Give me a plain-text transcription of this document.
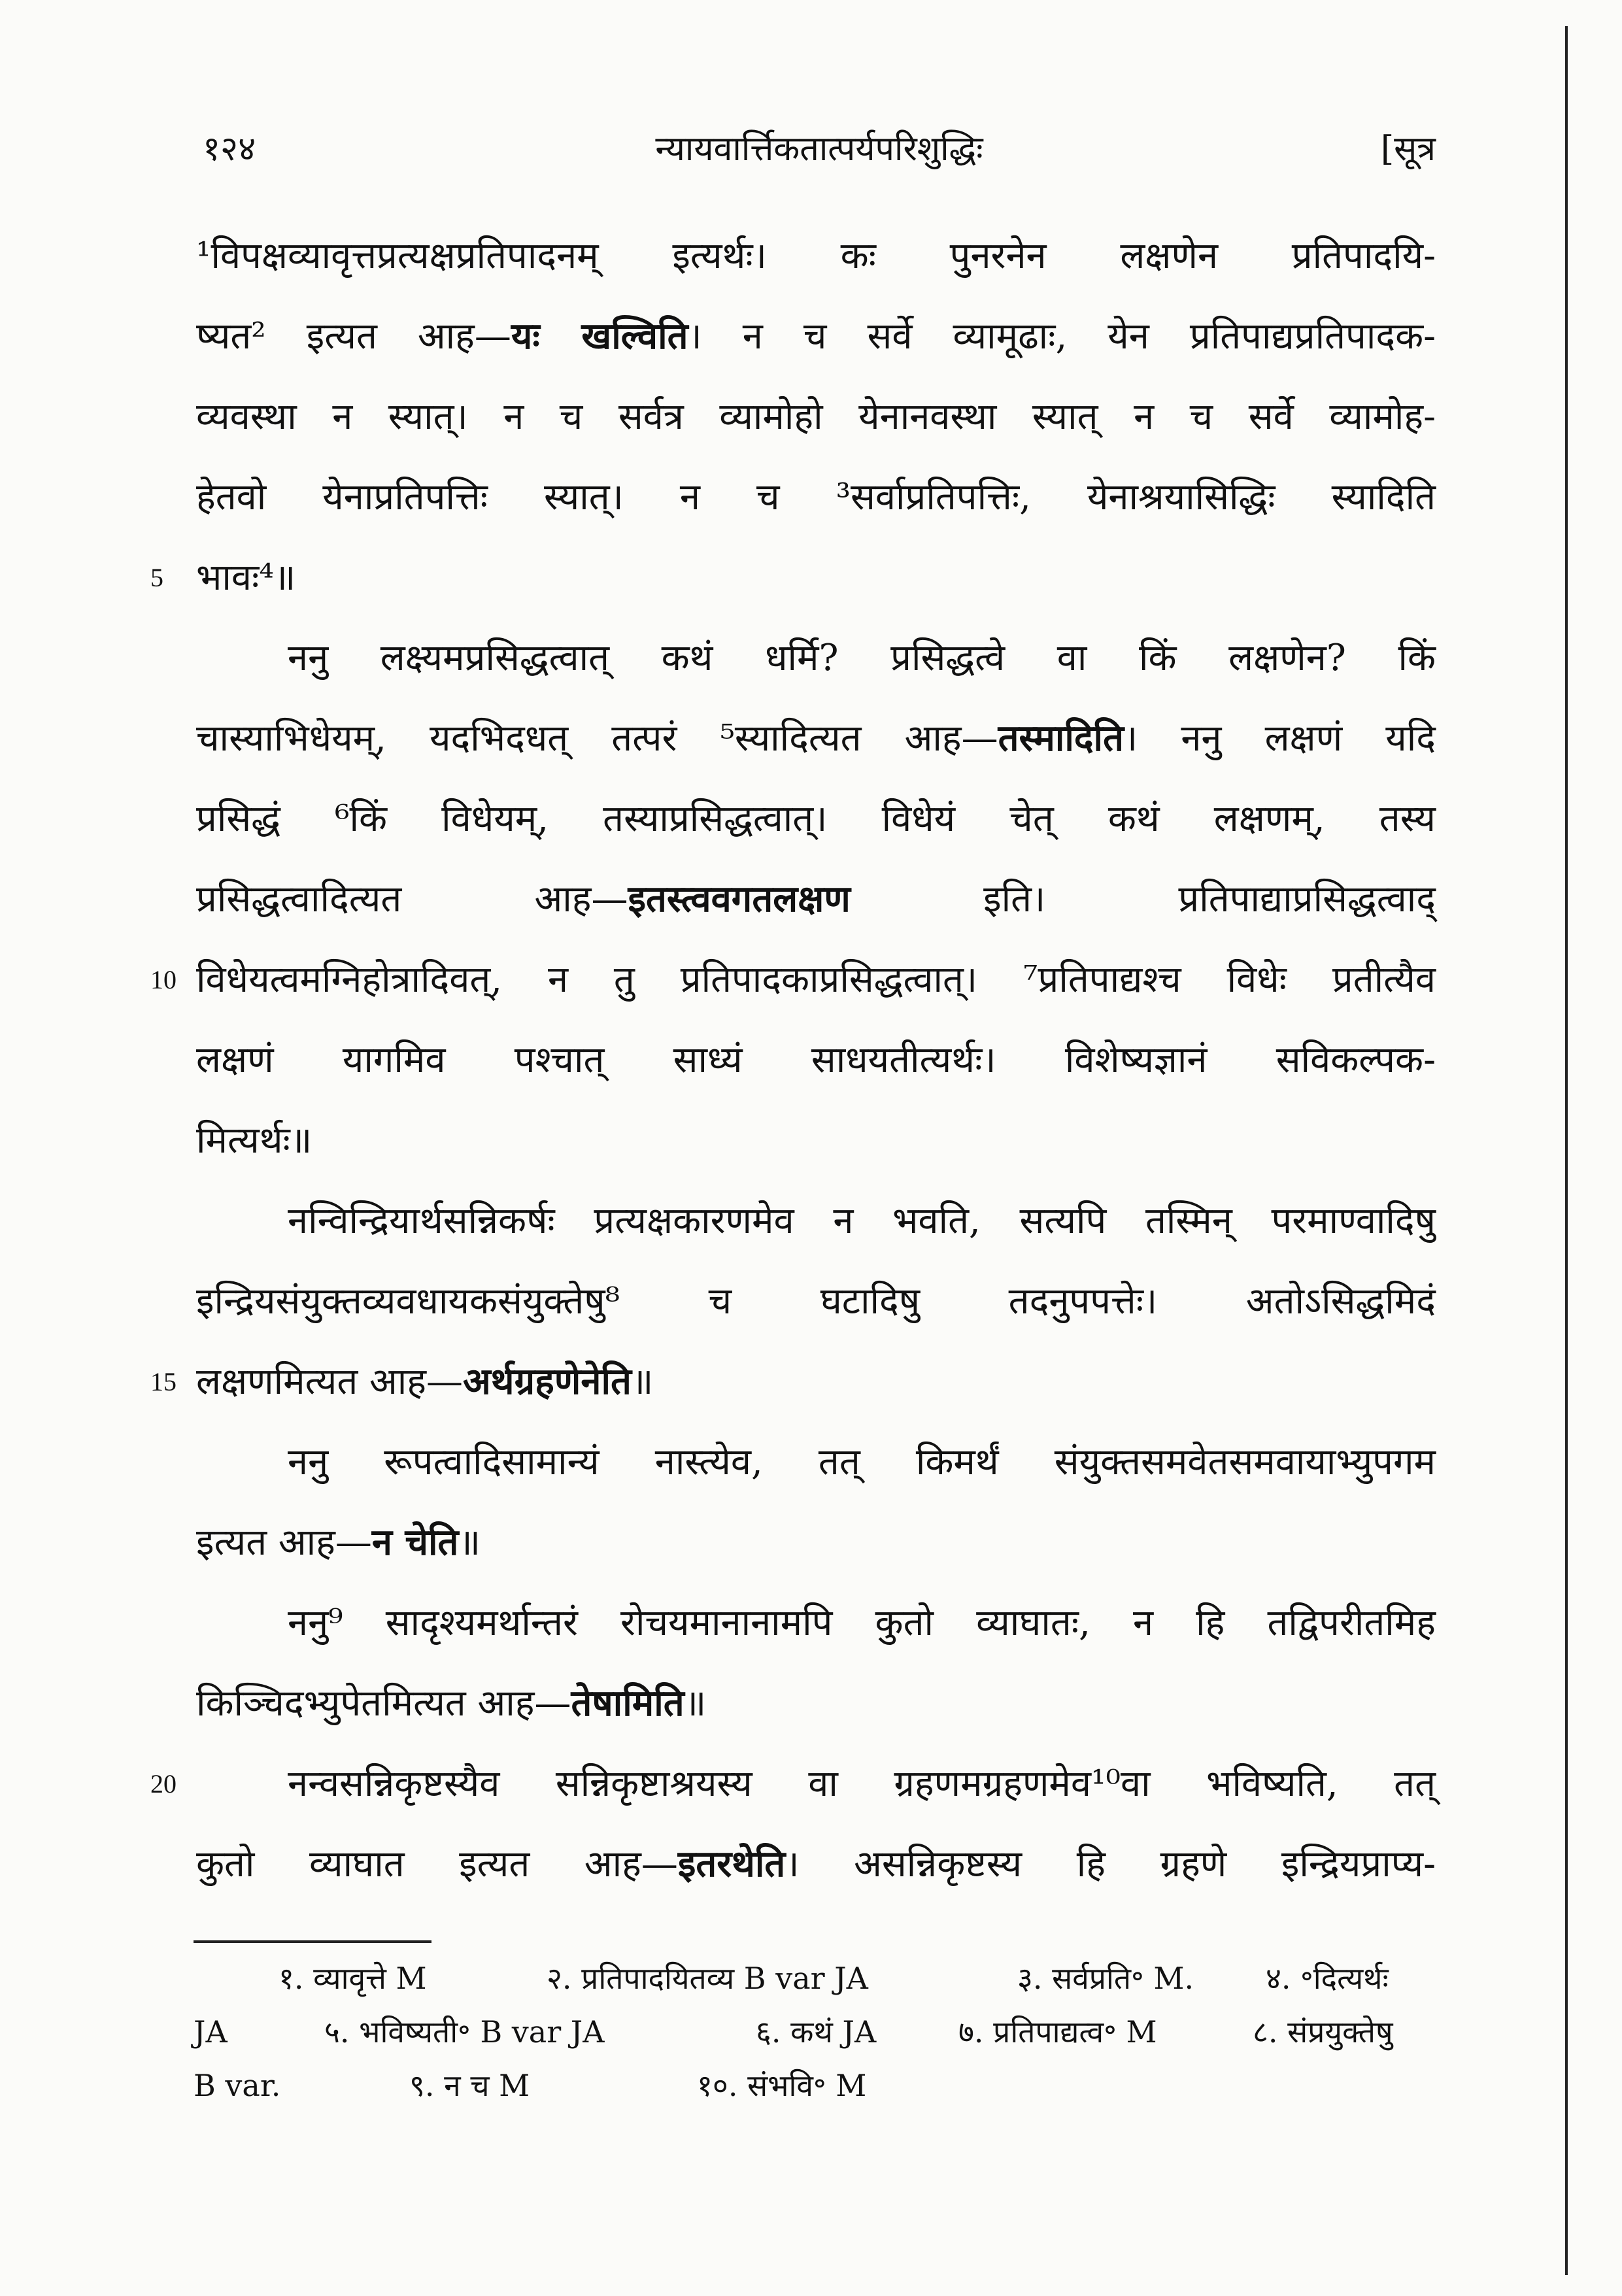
१२४	न्यायवार्त्तिकतात्पर्यपरिशुद्धिः	[सूत्र
¹विपक्षव्यावृत्तप्रत्यक्षप्रतिपादनम् इत्यर्थः। कः पुनरनेन लक्षणेन प्रतिपादयि-
ष्यत² इत्यत आह—यः खल्विति। न च सर्वे व्यामूढाः, येन प्रतिपाद्यप्रतिपादक-
व्यवस्था न स्यात्। न च सर्वत्र व्यामोहो येनानवस्था स्यात् न च सर्वे व्यामोह-
हेतवो येनाप्रतिपत्तिः स्यात्। न च ³सर्वाप्रतिपत्तिः, येनाश्रयासिद्धिः स्यादिति
5 भावः⁴॥
ननु लक्ष्यमप्रसिद्धत्वात् कथं धर्मि? प्रसिद्धत्वे वा किं लक्षणेन? किं
चास्याभिधेयम्, यदभिदधत् तत्परं ⁵स्यादित्यत आह—तस्मादिति। ननु लक्षणं यदि
प्रसिद्धं ⁶किं विधेयम्, तस्याप्रसिद्धत्वात्। विधेयं चेत् कथं लक्षणम्, तस्य
प्रसिद्धत्वादित्यत आह—इतस्त्ववगतलक्षण इति। प्रतिपाद्याप्रसिद्धत्वाद्
10 विधेयत्वमग्निहोत्रादिवत्, न तु प्रतिपादकाप्रसिद्धत्वात्। ⁷प्रतिपाद्यश्च विधेः प्रतीत्यैव
लक्षणं यागमिव पश्चात् साध्यं साधयतीत्यर्थः। विशेष्यज्ञानं सविकल्पक-
मित्यर्थः॥
नन्विन्द्रियार्थसन्निकर्षः प्रत्यक्षकारणमेव न भवति, सत्यपि तस्मिन् परमाण्वादिषु
इन्द्रियसंयुक्तव्यवधायकसंयुक्तेषु⁸ च घटादिषु तदनुपपत्तेः। अतोऽसिद्धमिदं
15 लक्षणमित्यत आह—अर्थग्रहणेनेति॥
ननु रूपत्वादिसामान्यं नास्त्येव, तत् किमर्थं संयुक्तसमवेतसमवायाभ्युपगम
इत्यत आह—न चेति॥
ननु⁹ सादृश्यमर्थान्तरं रोचयमानानामपि कुतो व्याघातः, न हि तद्विपरीतमिह
किञ्चिदभ्युपेतमित्यत आह—तेषामिति॥
20	नन्वसन्निकृष्टस्यैव सन्निकृष्टाश्रयस्य वा ग्रहणमग्रहणमेव¹⁰वा भविष्यति, तत्
कुतो व्याघात इत्यत आह—इतरथेति। असन्निकृष्टस्य हि ग्रहणे इन्द्रियप्राप्य-
१. व्यावृत्ते M	२. प्रतिपादयितव्य B var JA	३. सर्वप्रति॰ M. ४. ॰दित्यर्थः
JA	५. भविष्यती॰ B var JA	६. कथं JA	७. प्रतिपाद्यत्व॰ M	८. संप्रयुक्तेषु
B var.	९. न च M	१०. संभवि॰ M
